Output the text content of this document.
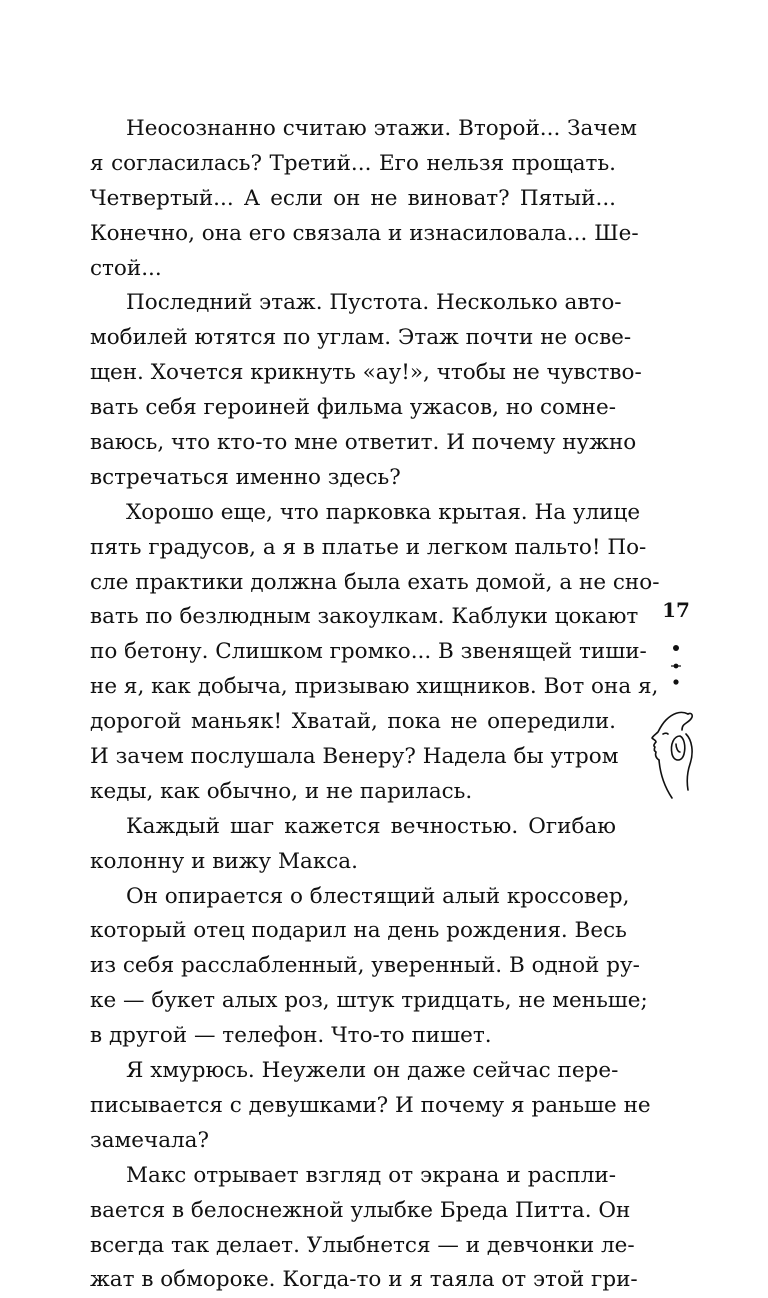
Неосознанно считаю этажи. Второй... Зачем
я согласилась? Третий... Его нельзя прощать.
Четвертый... А если он не виноват? Пятый...
Конечно, она его связала и изнасиловала... Ше-
стой...
Последний этаж. Пустота. Несколько авто-
мобилей ютятся по углам. Этаж почти не осве-
щен. Хочется крикнуть «ау!», чтобы не чувство-
вать себя героиней фильма ужасов, но сомне-
ваюсь, что кто-то мне ответит. И почему нужно
встречаться именно здесь?
Хорошо еще, что парковка крытая. На улице
пять градусов, а я в платье и легком пальто! По-
сле практики должна была ехать домой, а не сно-
вать по безлюдным закоулкам. Каблуки цокают
по бетону. Слишком громко... В звенящей тиши-
не я, как добыча, призываю хищников. Вот она я,
дорогой маньяк! Хватай, пока не опередили.
И зачем послушала Венеру? Надела бы утром
кеды, как обычно, и не парилась.
Каждый шаг кажется вечностью. Огибаю
колонну и вижу Макса.
Он опирается о блестящий алый кроссовер,
который отец подарил на день рождения. Весь
из себя расслабленный, уверенный. В одной ру-
ке — букет алых роз, штук тридцать, не меньше;
в другой — телефон. Что-то пишет.
Я хмурюсь. Неужели он даже сейчас пере-
писывается с девушками? И почему я раньше не
замечала?
Макс отрывает взгляд от экрана и распли-
вается в белоснежной улыбке Бреда Питта. Он
всегда так делает. Улыбнется — и девчонки ле-
жат в обмороке. Когда-то и я таяла от этой гри-
17
